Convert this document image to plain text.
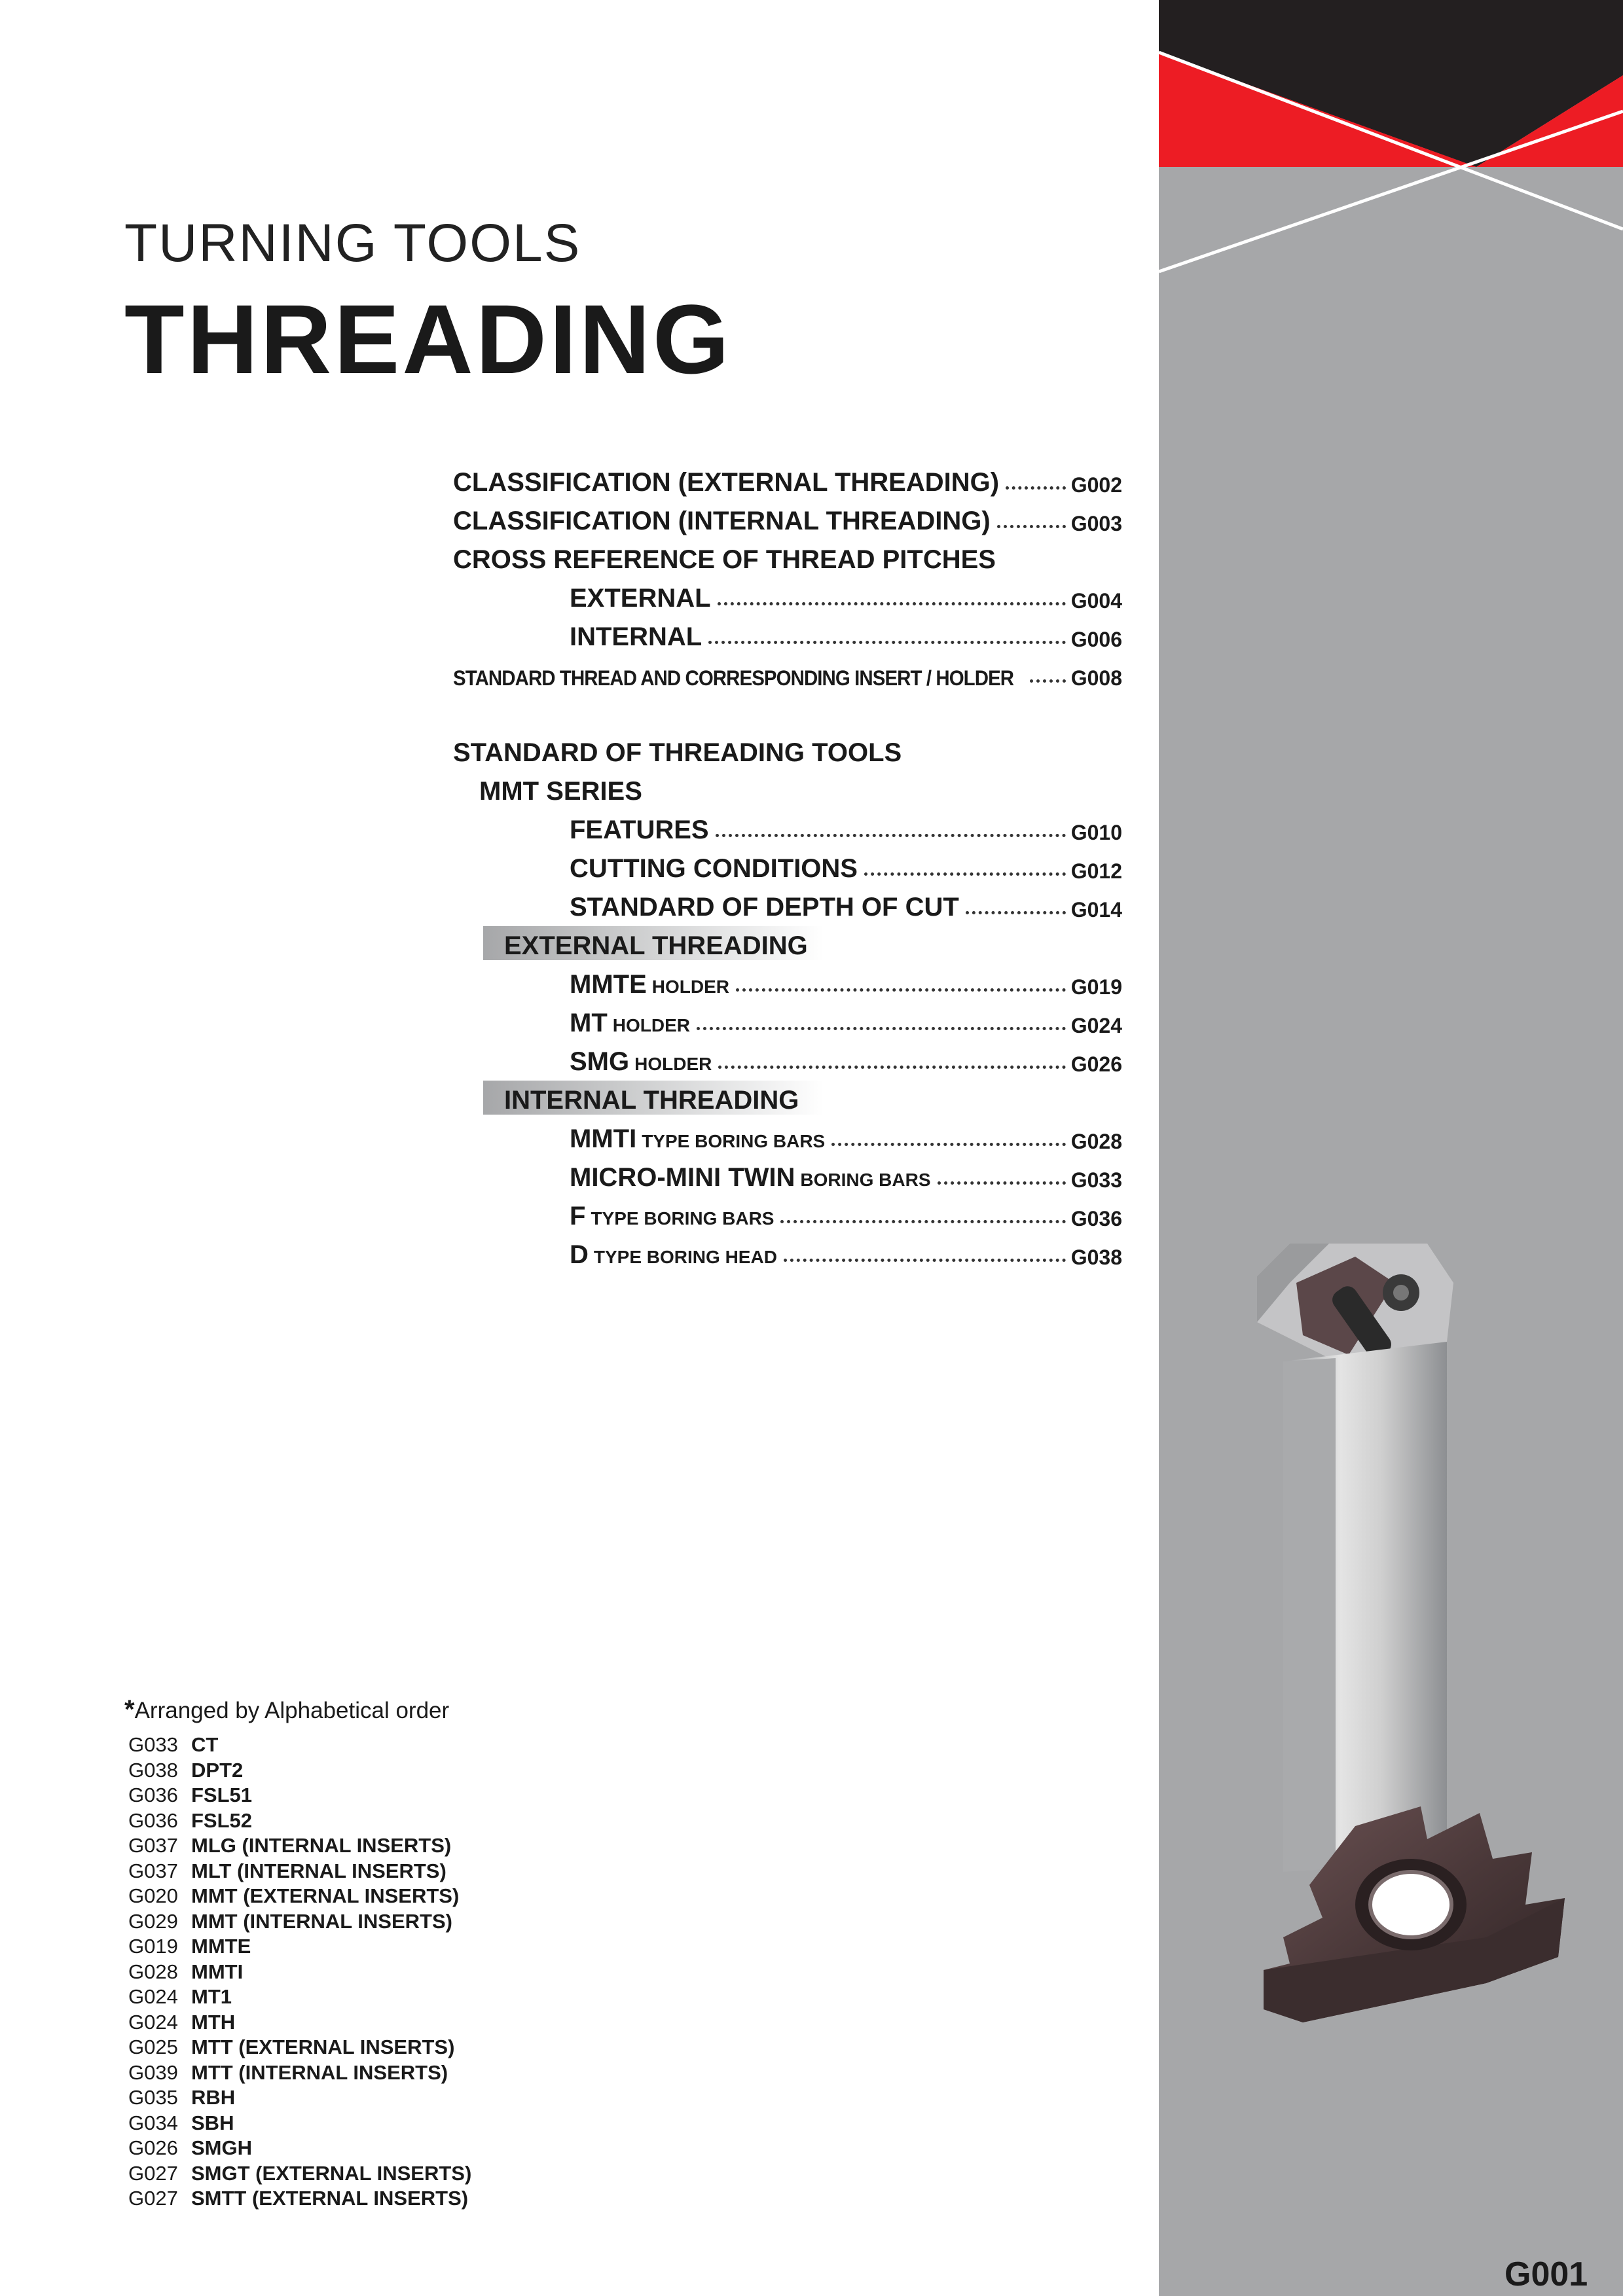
TURNING TOOLS
THREADING
CLASSIFICATION (EXTERNAL THREADING)	G002
CLASSIFICATION (INTERNAL THREADING)	G003
CROSS REFERENCE OF THREAD PITCHES
EXTERNAL	G004
INTERNAL	G006
STANDARD THREAD AND CORRESPONDING INSERT / HOLDER	G008
STANDARD OF THREADING TOOLS
MMT SERIES
FEATURES	G010
CUTTING CONDITIONS	G012
STANDARD OF DEPTH OF CUT	G014
EXTERNAL THREADING
MMTE HOLDER	G019
MT HOLDER	G024
SMG HOLDER	G026
INTERNAL THREADING
MMTI TYPE BORING BARS	G028
MICRO-MINI TWIN BORING BARS	G033
F TYPE BORING BARS	G036
D TYPE BORING HEAD	G038
*Arranged by Alphabetical order
G033 CT
G038 DPT2
G036 FSL51
G036 FSL52
G037 MLG (INTERNAL INSERTS)
G037 MLT (INTERNAL INSERTS)
G020 MMT (EXTERNAL INSERTS)
G029 MMT (INTERNAL INSERTS)
G019 MMTE
G028 MMTI
G024 MT1
G024 MTH
G025 MTT (EXTERNAL INSERTS)
G039 MTT (INTERNAL INSERTS)
G035 RBH
G034 SBH
G026 SMGH
G027 SMGT (EXTERNAL INSERTS)
G027 SMTT (EXTERNAL INSERTS)
G001
